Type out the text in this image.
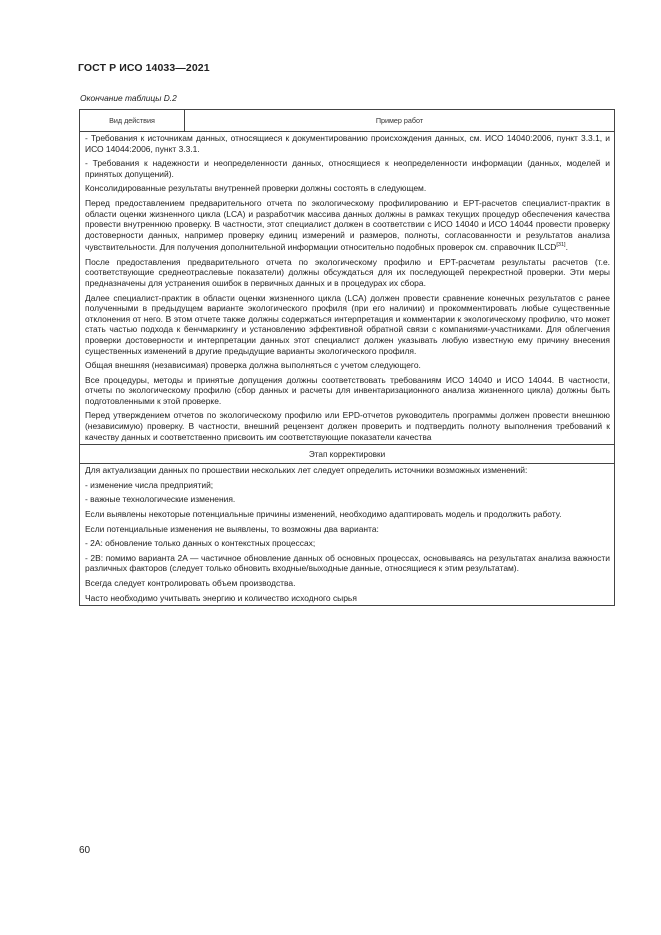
ГОСТ Р ИСО 14033—2021
Окончание таблицы D.2
Вид действия	Пример работ
- Требования к источникам данных, относящиеся к документированию происхождения данных, см. ИСО 14040:2006, пункт 3.3.1, и ИСО 14044:2006, пункт 3.3.1.
- Требования к надежности и неопределенности данных, относящиеся к неопределенности информации (данных, моделей и принятых допущений).
Консолидированные результаты внутренней проверки должны состоять в следующем.
Перед предоставлением предварительного отчета по экологическому профилированию и EPT-расчетов специалист-практик в области оценки жизненного цикла (LCA) и разработчик массива данных должны в рамках текущих процедур обеспечения качества провести внутреннюю проверку. В частности, этот специалист должен в соответствии с ИСО 14040 и ИСО 14044 провести проверку достоверности данных, например проверку единиц измерений и размеров, полноты, согласованности и результатов анализа чувствительности. Для получения дополнительной информации относительно подобных проверок см. справочник ILCD[31].
После предоставления предварительного отчета по экологическому профилю и EPT-расчетам результаты расчетов (т.е. соответствующие среднеотраслевые показатели) должны обсуждаться для их последующей перекрестной проверки. Эти меры предназначены для устранения ошибок в первичных данных и в процедурах их сбора.
Далее специалист-практик в области оценки жизненного цикла (LCA) должен провести сравнение конечных результатов с ранее полученными в предыдущем варианте экологического профиля (при его наличии) и прокомментировать любые существенные отклонения от него. В этом отчете также должны содержаться интерпретация и комментарии к экологическому профилю, что может стать частью подхода к бенчмаркингу и установлению эффективной обратной связи с компаниями-участниками. Для облегчения проверки достоверности и интерпретации данных этот специалист должен указывать любую известную ему причину внесения существенных изменений в другие предыдущие варианты экологического профиля.
Общая внешняя (независимая) проверка должна выполняться с учетом следующего.
Все процедуры, методы и принятые допущения должны соответствовать требованиям ИСО 14040 и ИСО 14044. В частности, отчеты по экологическому профилю (сбор данных и расчеты для инвентаризационного анализа жизненного цикла) должны быть подготовленными к этой проверке.
Перед утверждением отчетов по экологическому профилю или EPD-отчетов руководитель программы должен провести внешнюю (независимую) проверку. В частности, внешний рецензент должен проверить и подтвердить полноту выполнения требований к качеству данных и соответственно присвоить им соответствующие показатели качества
Этап корректировки
Для актуализации данных по прошествии нескольких лет следует определить источники возможных изменений:
- изменение числа предприятий;
- важные технологические изменения.
Если выявлены некоторые потенциальные причины изменений, необходимо адаптировать модель и продолжить работу.
Если потенциальные изменения не выявлены, то возможны два варианта:
- 2A: обновление только данных о контекстных процессах;
- 2B: помимо варианта 2A — частичное обновление данных об основных процессах, основываясь на результатах анализа важности различных факторов (следует только обновить входные/выходные данные, относящиеся к этим результатам).
Всегда следует контролировать объем производства.
Часто необходимо учитывать энергию и количество исходного сырья
60
